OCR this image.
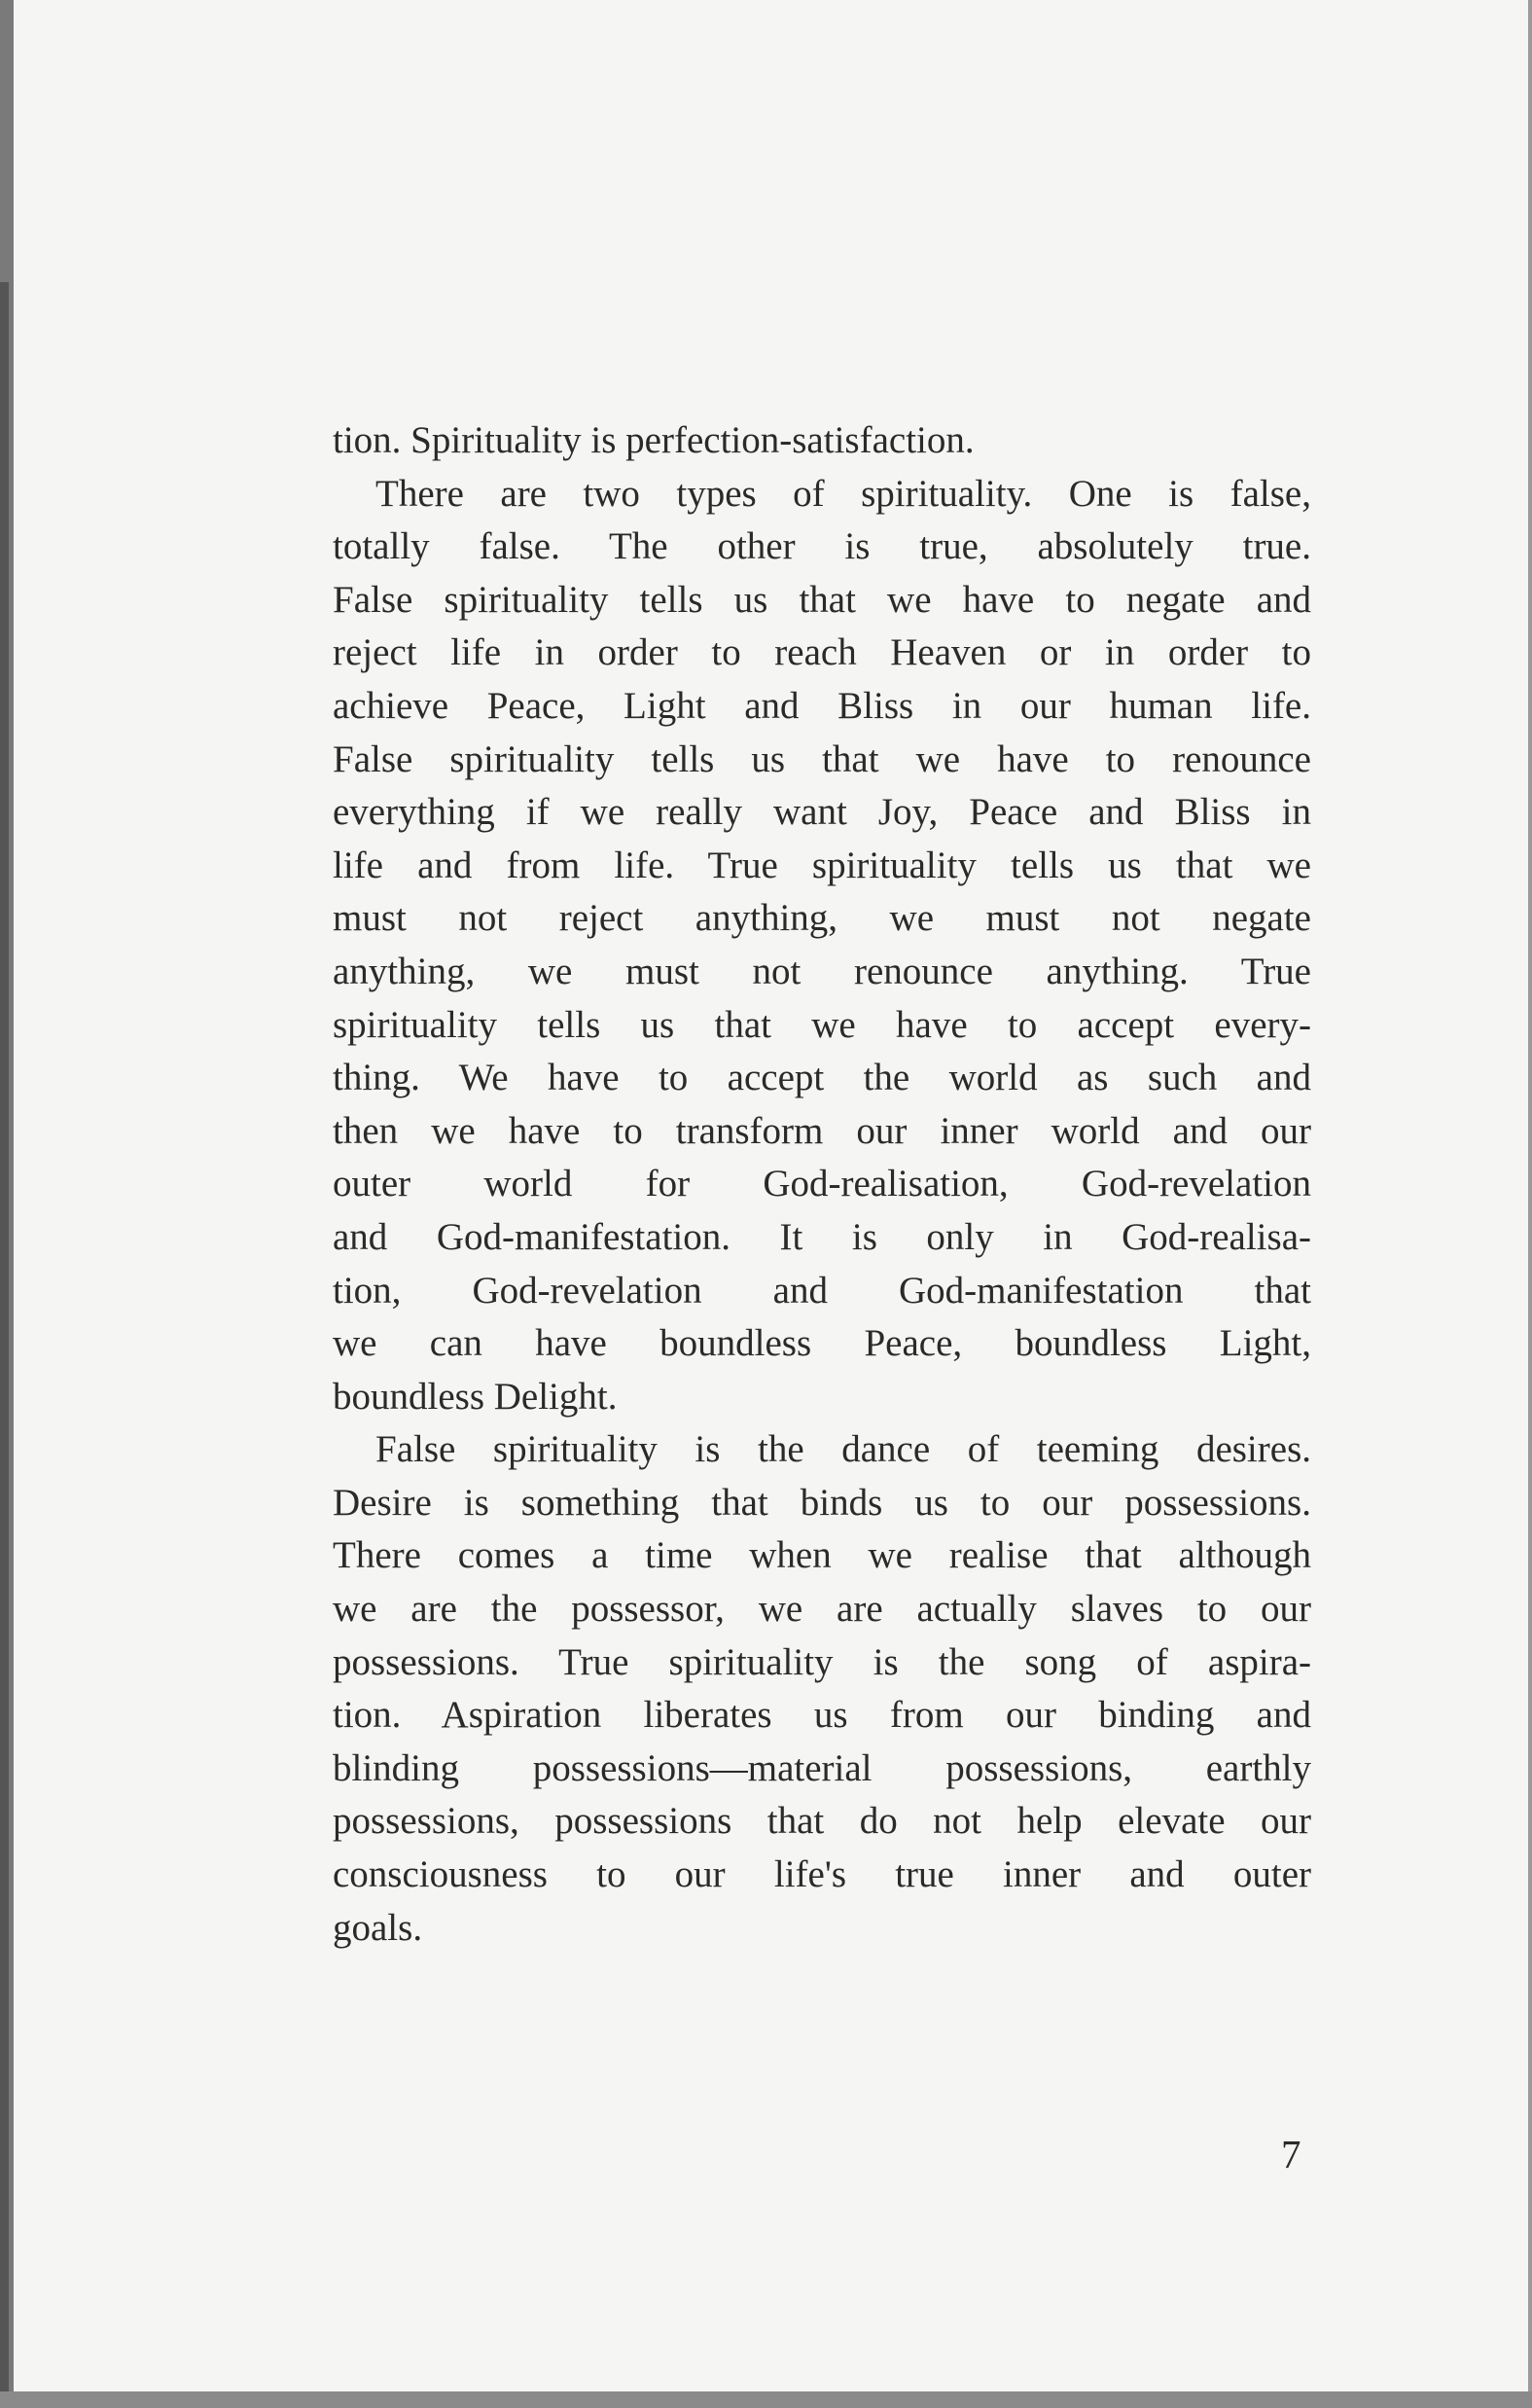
tion. Spirituality is perfection-satisfaction.
There are two types of spirituality. One is false,
totally false. The other is true, absolutely true.
False spirituality tells us that we have to negate and
reject life in order to reach Heaven or in order to
achieve Peace, Light and Bliss in our human life.
False spirituality tells us that we have to renounce
everything if we really want Joy, Peace and Bliss in
life and from life. True spirituality tells us that we
must not reject anything, we must not negate
anything, we must not renounce anything. True
spirituality tells us that we have to accept every-
thing. We have to accept the world as such and
then we have to transform our inner world and our
outer world for God-realisation, God-revelation
and God-manifestation. It is only in God-realisa-
tion, God-revelation and God-manifestation that
we can have boundless Peace, boundless Light,
boundless Delight.
False spirituality is the dance of teeming desires.
Desire is something that binds us to our possessions.
There comes a time when we realise that although
we are the possessor, we are actually slaves to our
possessions. True spirituality is the song of aspira-
tion. Aspiration liberates us from our binding and
blinding possessions—material possessions, earthly
possessions, possessions that do not help elevate our
consciousness to our life's true inner and outer
goals.
7
